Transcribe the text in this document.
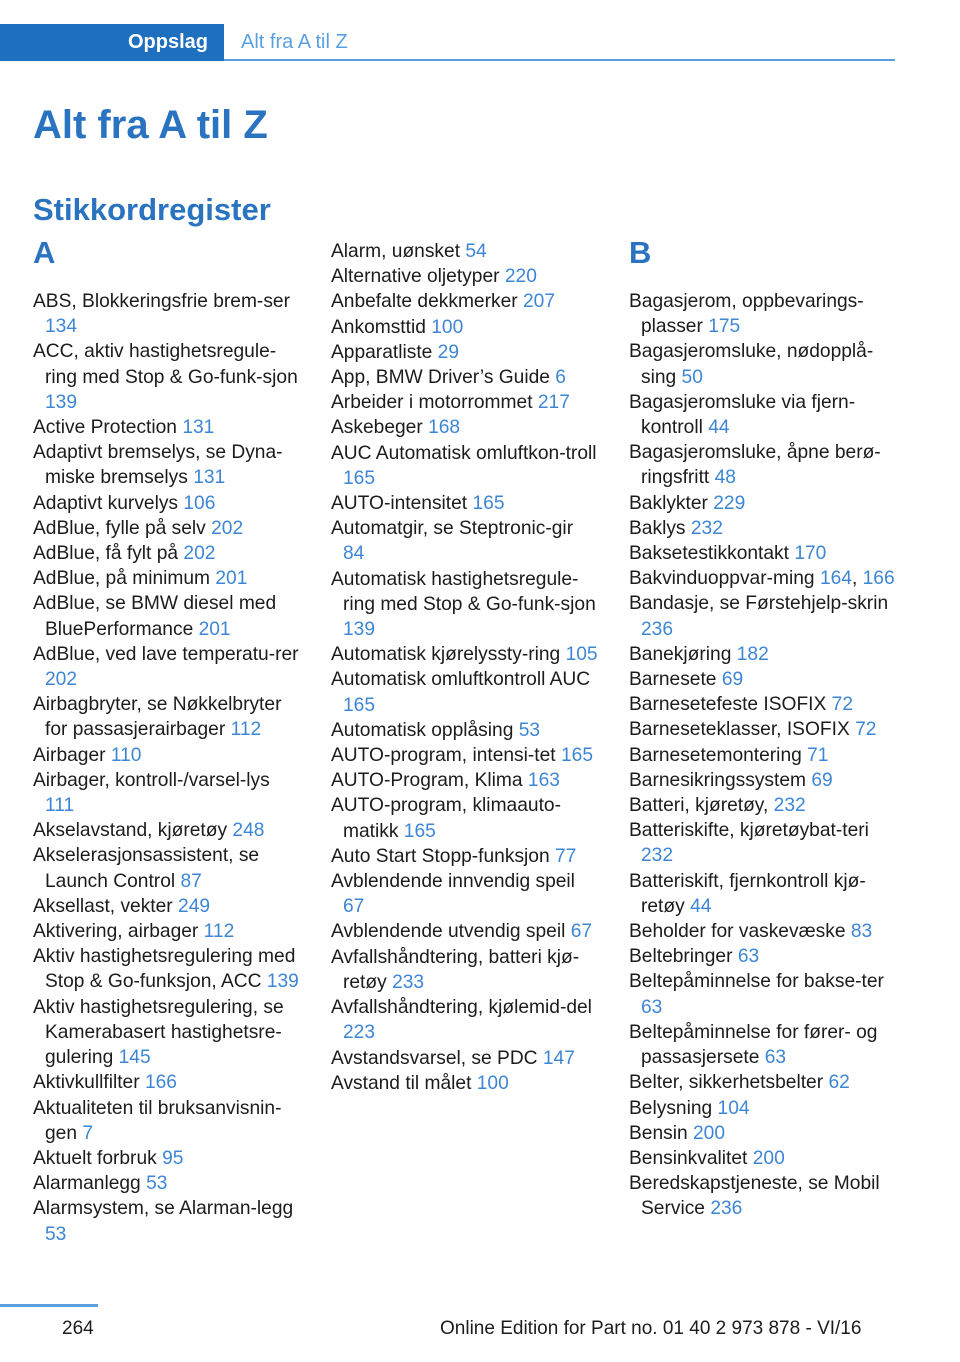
Oppslag Alt fra A til Z
Alt fra A til Z
Stikkordregister
A

ABS, Blokkeringsfrie brem-ser 134

ACC, aktiv hastighetsregule-ring med Stop & Go-funk-sjon 139

Active Protection 131

Adaptivt bremselys, se Dyna-miske bremselys 131

Adaptivt kurvelys 106

AdBlue, fylle på selv 202

AdBlue, få fylt på 202

AdBlue, på minimum 201

AdBlue, se BMW diesel med BluePerformance 201

AdBlue, ved lave temperatu-rer 202

Airbagbryter, se Nøkkelbryter for passasjerairbager 112

Airbager 110

Airbager, kontroll-/varsel-lys 111

Akselavstand, kjøretøy 248

Akselerasjonsassistent, se Launch Control 87

Aksellast, vekter 249

Aktivering, airbager 112

Aktiv hastighetsregulering med Stop & Go-funksjon, ACC 139

Aktiv hastighetsregulering, se Kamerabasert hastighetsre-gulering 145

Aktivkullfilter 166

Aktualiteten til bruksanvisnin-gen 7

Aktuelt forbruk 95

Alarmanlegg 53

Alarmsystem, se Alarman-legg 53

Alarm, uønsket 54

Alternative oljetyper 220

Anbefalte dekkmerker 207

Ankomsttid 100

Apparatliste 29

App, BMW Driver’s Guide 6

Arbeider i motorrommet 217

Askebeger 168

AUC Automatisk omluftkon-troll 165

AUTO-intensitet 165

Automatgir, se Steptronic-gir 84

Automatisk hastighetsregule-ring med Stop & Go-funk-sjon 139

Automatisk kjørelyssty-ring 105

Automatisk omluftkontroll AUC 165

Automatisk opplåsing 53

AUTO-program, intensi-tet 165

AUTO-Program, Klima 163

AUTO-program, klimaauto-matikk 165

Auto Start Stopp-funksjon 77

Avblendende innvendig speil 67

Avblendende utvendig speil 67

Avfallshåndtering, batteri kjø-retøy 233

Avfallshåndtering, kjølemid-del 223

Avstandsvarsel, se PDC 147

Avstand til målet 100

B

Bagasjerom, oppbevarings-plasser 175

Bagasjeromsluke, nødopplå-sing 50

Bagasjeromsluke via fjern-kontroll 44

Bagasjeromsluke, åpne berø-ringsfritt 48

Baklykter 229

Baklys 232

Baksetestikkontakt 170

Bakvinduoppvar-ming 164, 166

Bandasje, se Førstehjelp-skrin 236

Banekjøring 182

Barnesete 69

Barnesetefeste ISOFIX 72

Barneseteklasser, ISOFIX 72

Barnesetemontering 71

Barnesikringssystem 69

Batteri, kjøretøy, 232

Batteriskifte, kjøretøybat-teri 232

Batteriskift, fjernkontroll kjø-retøy 44

Beholder for vaskevæske 83

Beltebringer 63

Beltepåminnelse for bakse-ter 63

Beltepåminnelse for fører- og passasjersete 63

Belter, sikkerhetsbelter 62

Belysning 104

Bensin 200

Bensinkvalitet 200

Beredskapstjeneste, se Mobil Service 236

264	Online Edition for Part no. 01 40 2 973 878 - VI/16
